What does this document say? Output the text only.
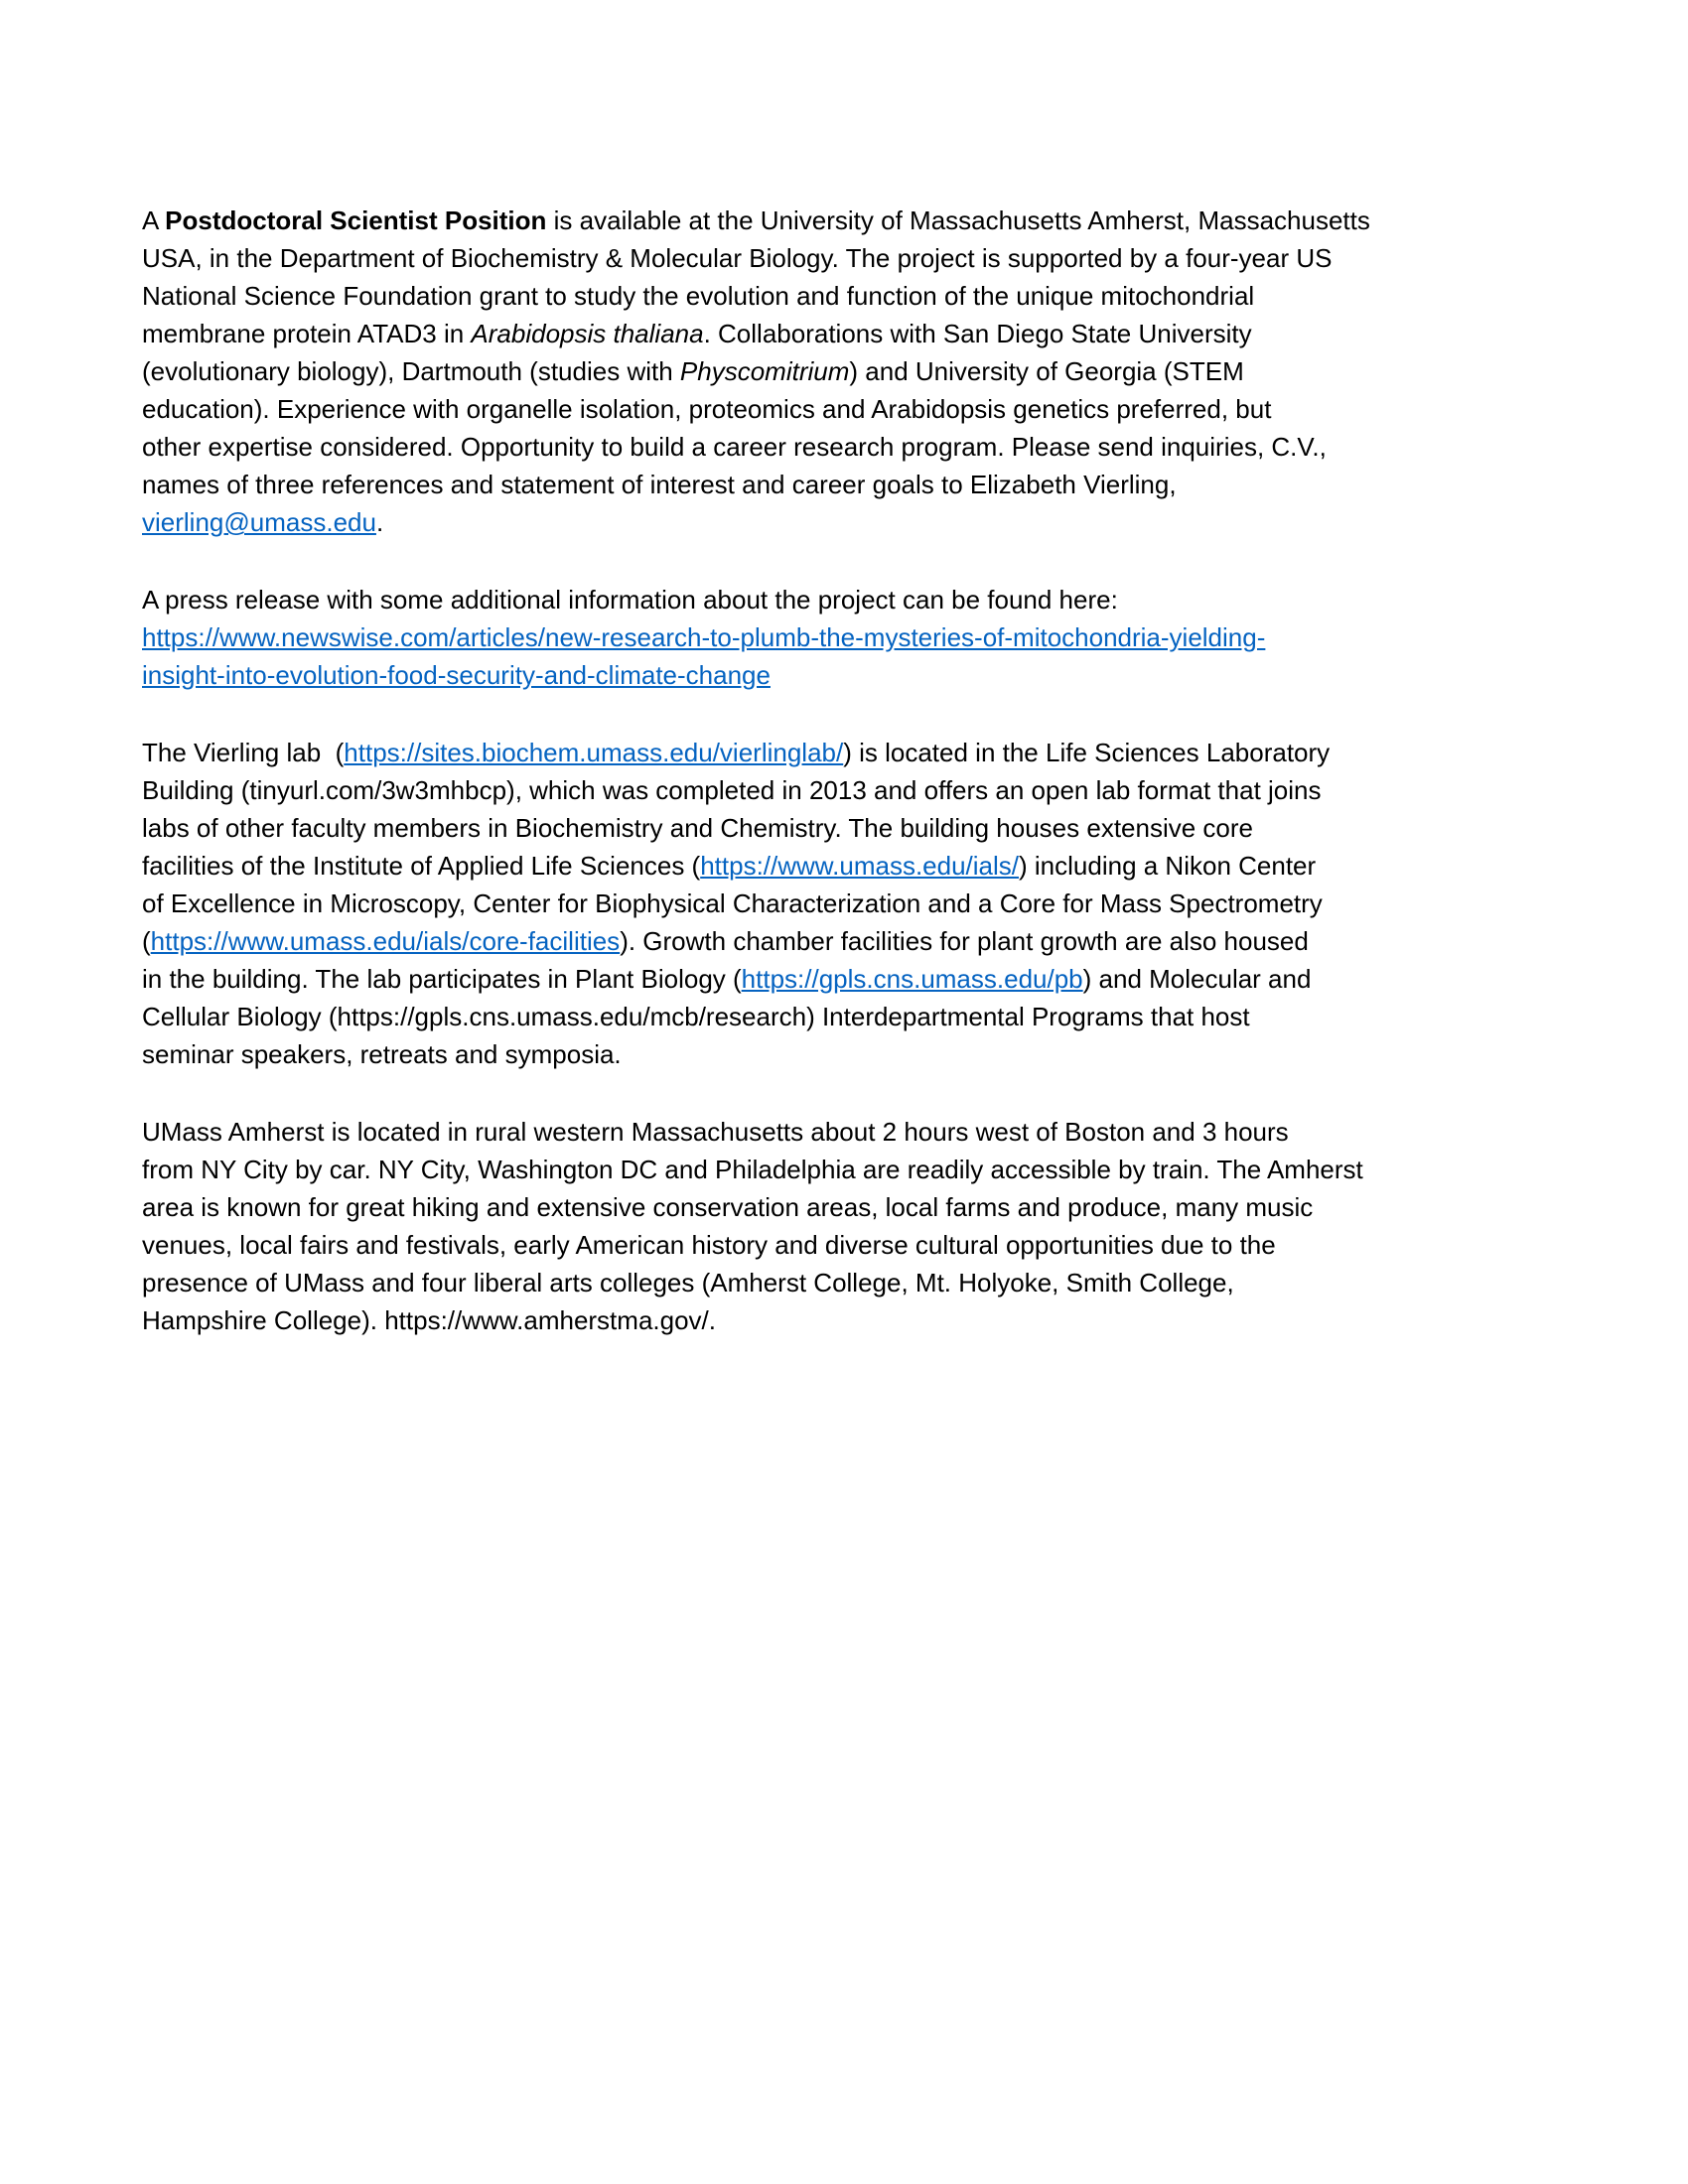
A Postdoctoral Scientist Position is available at the University of Massachusetts Amherst, Massachusetts
USA, in the Department of Biochemistry & Molecular Biology. The project is supported by a four-year US
National Science Foundation grant to study the evolution and function of the unique mitochondrial
membrane protein ATAD3 in Arabidopsis thaliana. Collaborations with San Diego State University
(evolutionary biology), Dartmouth (studies with Physcomitrium) and University of Georgia (STEM
education). Experience with organelle isolation, proteomics and Arabidopsis genetics preferred, but
other expertise considered. Opportunity to build a career research program. Please send inquiries, C.V.,
names of three references and statement of interest and career goals to Elizabeth Vierling,
vierling@umass.edu.
A press release with some additional information about the project can be found here:
https://www.newswise.com/articles/new-research-to-plumb-the-mysteries-of-mitochondria-yielding-
insight-into-evolution-food-security-and-climate-change
The Vierling lab  (https://sites.biochem.umass.edu/vierlinglab/) is located in the Life Sciences Laboratory
Building (tinyurl.com/3w3mhbcp), which was completed in 2013 and offers an open lab format that joins
labs of other faculty members in Biochemistry and Chemistry. The building houses extensive core
facilities of the Institute of Applied Life Sciences (https://www.umass.edu/ials/) including a Nikon Center
of Excellence in Microscopy, Center for Biophysical Characterization and a Core for Mass Spectrometry
(https://www.umass.edu/ials/core-facilities). Growth chamber facilities for plant growth are also housed
in the building. The lab participates in Plant Biology (https://gpls.cns.umass.edu/pb) and Molecular and
Cellular Biology (https://gpls.cns.umass.edu/mcb/research) Interdepartmental Programs that host
seminar speakers, retreats and symposia.
UMass Amherst is located in rural western Massachusetts about 2 hours west of Boston and 3 hours
from NY City by car. NY City, Washington DC and Philadelphia are readily accessible by train. The Amherst
area is known for great hiking and extensive conservation areas, local farms and produce, many music
venues, local fairs and festivals, early American history and diverse cultural opportunities due to the
presence of UMass and four liberal arts colleges (Amherst College, Mt. Holyoke, Smith College,
Hampshire College). https://www.amherstma.gov/.
